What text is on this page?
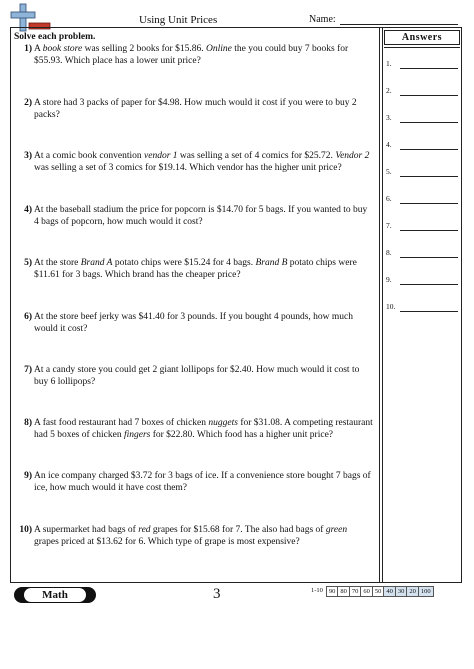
Using Unit Prices	Name:
Solve each problem.	Answers
1) A book store was selling 2 books for $15.86. Online the you could buy 7 books for $55.93. Which place has a lower unit price?
2) A store had 3 packs of paper for $4.98. How much would it cost if you were to buy 2 packs?
3) At a comic book convention vendor 1 was selling a set of 4 comics for $25.72. Vendor 2 was selling a set of 3 comics for $19.14. Which vendor has the higher unit price?
4) At the baseball stadium the price for popcorn is $14.70 for 5 bags. If you wanted to buy 4 bags of popcorn, how much would it cost?
5) At the store Brand A potato chips were $15.24 for 4 bags. Brand B potato chips were $11.61 for 3 bags. Which brand has the cheaper price?
6) At the store beef jerky was $41.40 for 3 pounds. If you bought 4 pounds, how much would it cost?
7) At a candy store you could get 2 giant lollipops for $2.40. How much would it cost to buy 6 lollipops?
8) A fast food restaurant had 7 boxes of chicken nuggets for $31.08. A competing restaurant had 5 boxes of chicken fingers for $22.80. Which food has a higher unit price?
9) An ice company charged $3.72 for 3 bags of ice. If a convenience store bought 7 bags of ice, how much would it have cost them?
10) A supermarket had bags of red grapes for $15.68 for 7. The also had bags of green grapes priced at $13.62 for 6. Which type of grape is most expensive?
1.
2.
3.
4.
5.
6.
7.
8.
9.
10.
Math	3	1-10 90 80 70 60 50 40 30 20 100
